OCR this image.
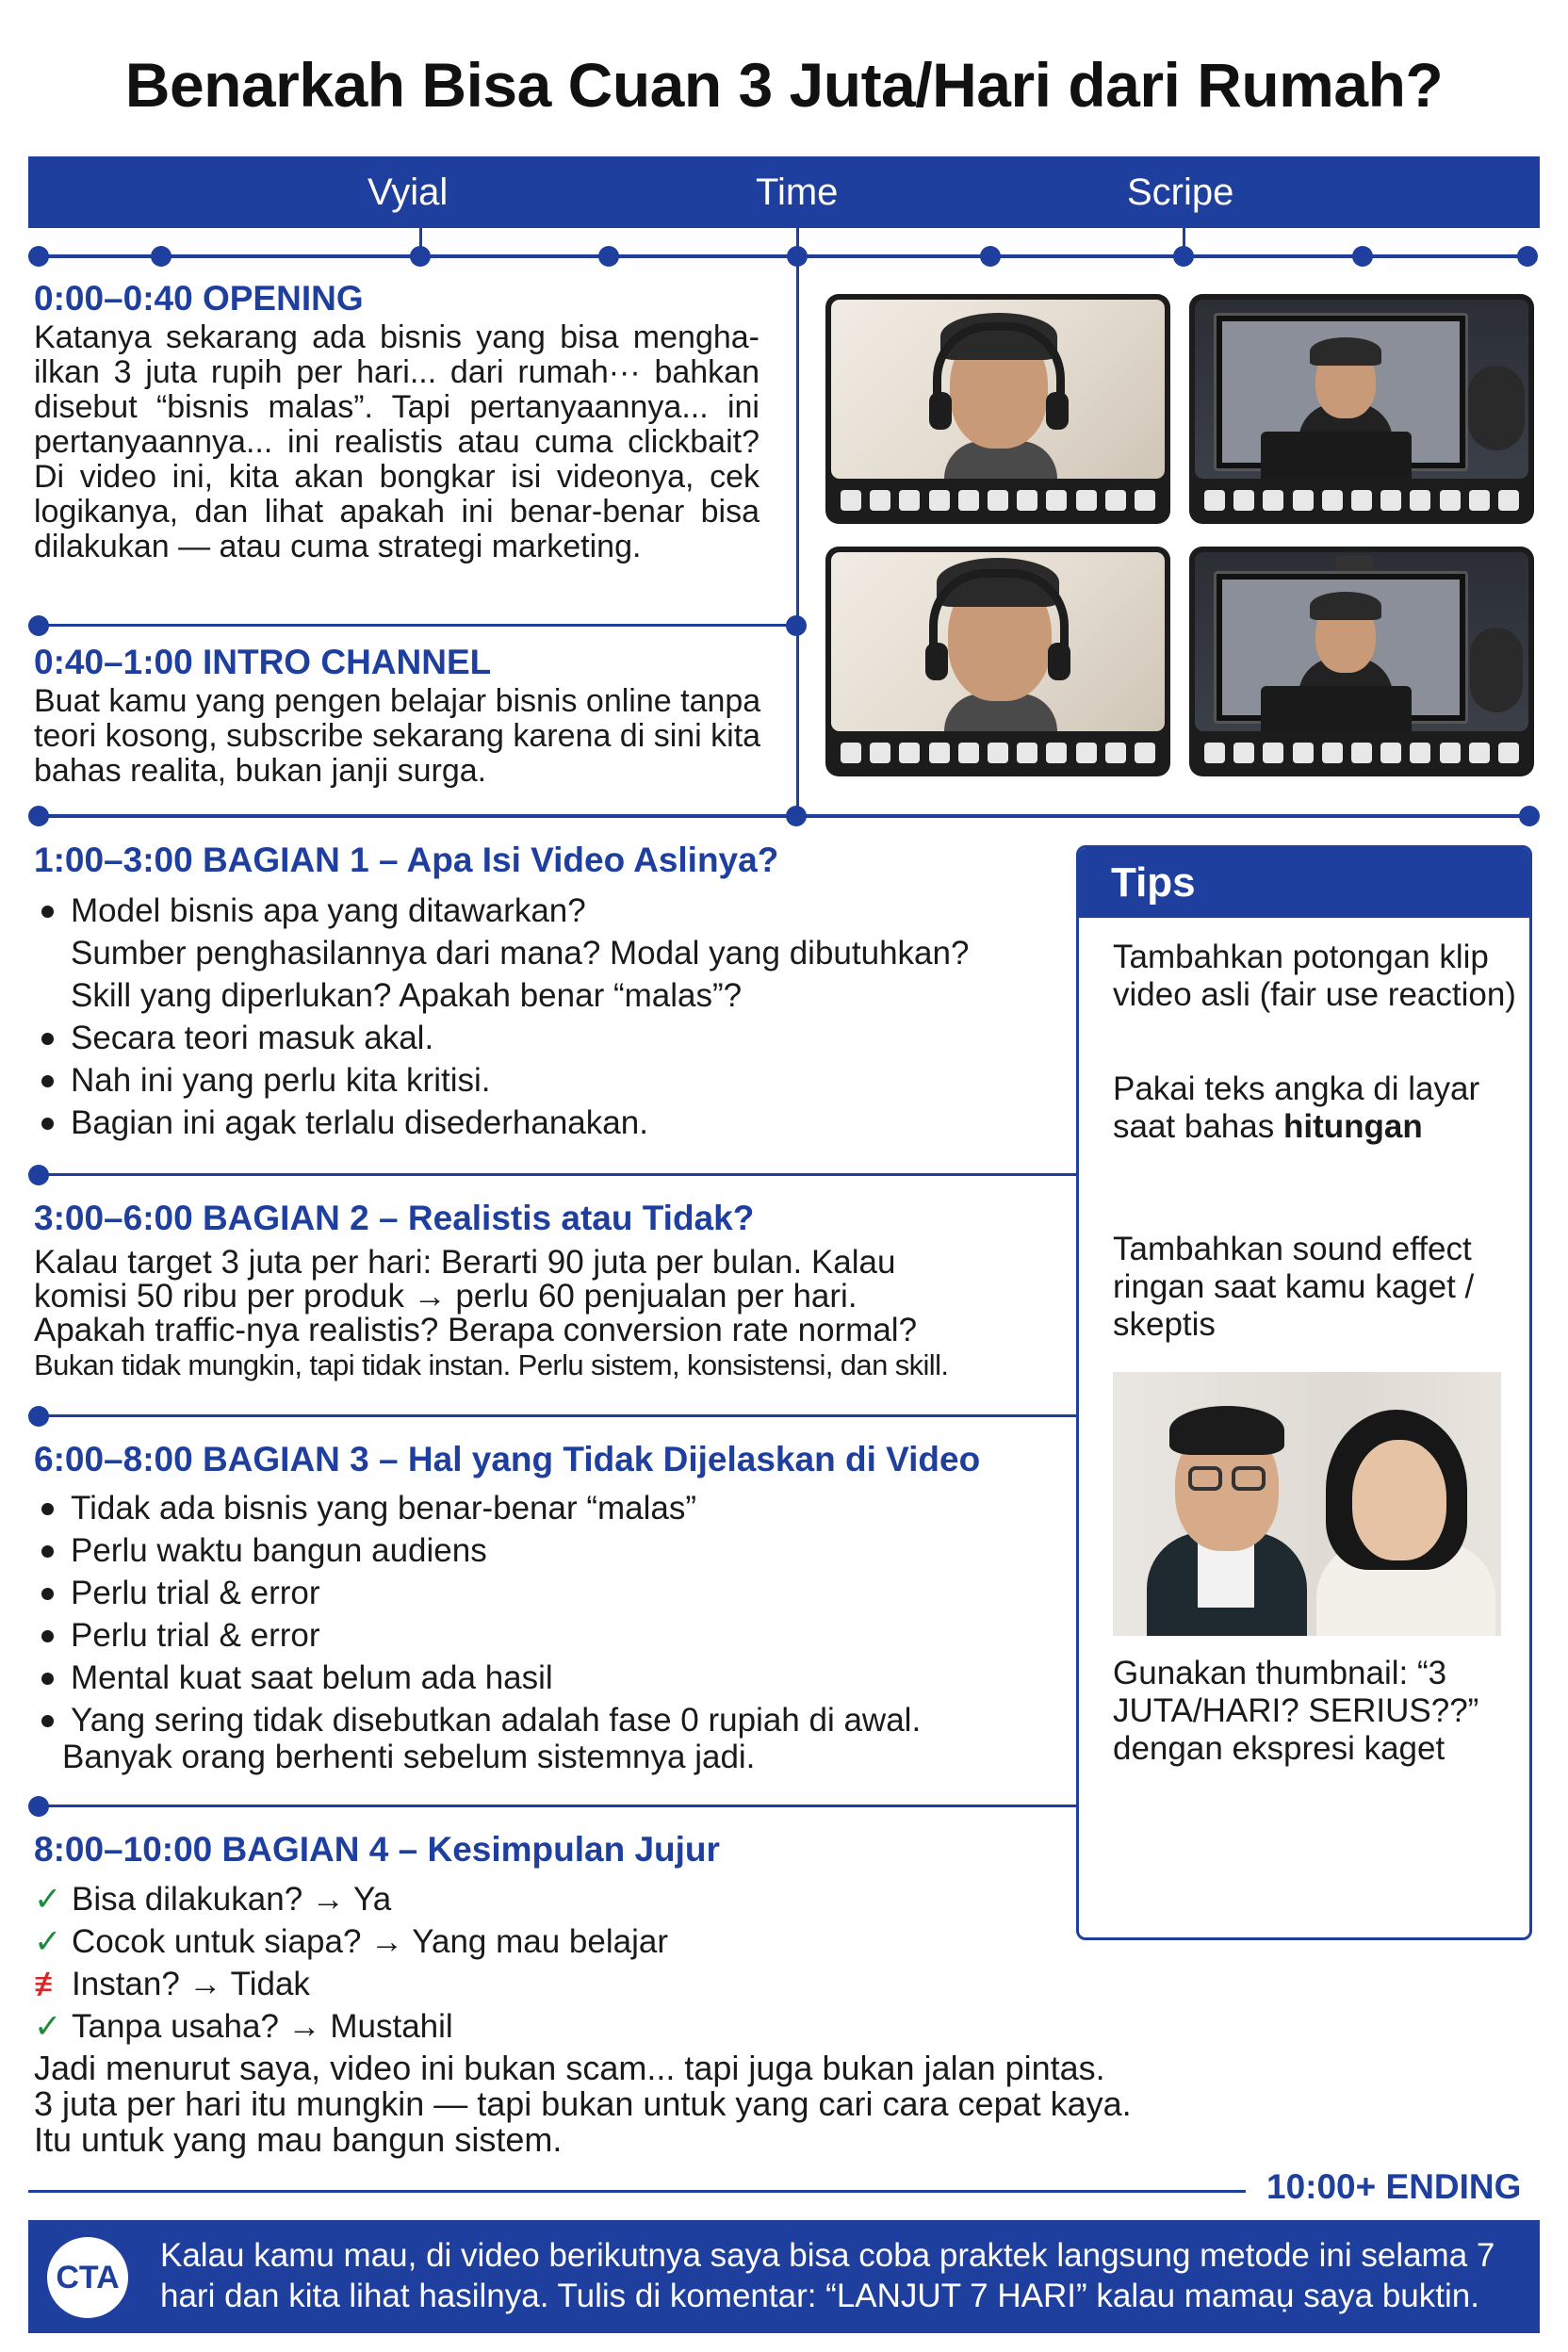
Benarkah Bisa Cuan 3 Juta/Hari dari Rumah?
Vyial	Time	Scripe
0:00–0:40 OPENING
Katanya sekarang ada bisnis yang bisa mengha-ilkan 3 juta rupih per hari... dari rumah··· bahkan disebut “bisnis malas”. Tapi pertanyaannya... ini pertanyaannya... ini realistis atau cuma clickbait? Di video ini, kita akan bongkar isi videonya, cek logikanya, dan lihat apakah ini benar-benar bisa dilakukan — atau cuma strategi marketing.
0:40–1:00 INTRO CHANNEL
Buat kamu yang pengen belajar bisnis online tanpa teori kosong, subscribe sekarang karena di sini kita bahas realita, bukan janji surga.
1:00–3:00 BAGIAN 1 – Apa Isi Video Aslinya?
Model bisnis apa yang ditawarkan?
Sumber penghasilannya dari mana? Modal yang dibutuhkan?
Skill yang diperlukan? Apakah benar “malas”?
Secara teori masuk akal.
Nah ini yang perlu kita kritisi.
Bagian ini agak terlalu disederhanakan.
3:00–6:00 BAGIAN 2 – Realistis atau Tidak?
Kalau target 3 juta per hari: Berarti 90 juta per bulan. Kalau
komisi 50 ribu per produk → perlu 60 penjualan per hari.
Apakah traffic-nya realistis? Berapa conversion rate normal?
Bukan tidak mungkin, tapi tidak instan. Perlu sistem, konsistensi, dan skill.
6:00–8:00 BAGIAN 3 – Hal yang Tidak Dijelaskan di Video
Tidak ada bisnis yang benar-benar “malas”
Perlu waktu bangun audiens
Perlu trial & error
Perlu trial & error
Mental kuat saat belum ada hasil
Yang sering tidak disebutkan adalah fase 0 rupiah di awal.
Banyak orang berhenti sebelum sistemnya jadi.
8:00–10:00 BAGIAN 4 – Kesimpulan Jujur
✓ Bisa dilakukan? → Ya
✓ Cocok untuk siapa? → Yang mau belajar
≢ Instan? → Tidak
✓ Tanpa usaha? → Mustahil
Jadi menurut saya, video ini bukan scam... tapi juga bukan jalan pintas.
3 juta per hari itu mungkin — tapi bukan untuk yang cari cara cepat kaya.
Itu untuk yang mau bangun sistem.
Tips
Tambahkan potongan klip video asli (fair use reaction)
Pakai teks angka di layar saat bahas hitungan
Tambahkan sound effect ringan saat kamu kaget / skeptis
Gunakan thumbnail: “3 JUTA/HARI? SERIUS??” dengan ekspresi kaget
10:00+ ENDING
CTA
Kalau kamu mau, di video berikutnya saya bisa coba praktek langsung metode ini selama 7 hari dan kita lihat hasilnya. Tulis di komentar: “LANJUT 7 HARI” kalau mamaụ saya buktin.
